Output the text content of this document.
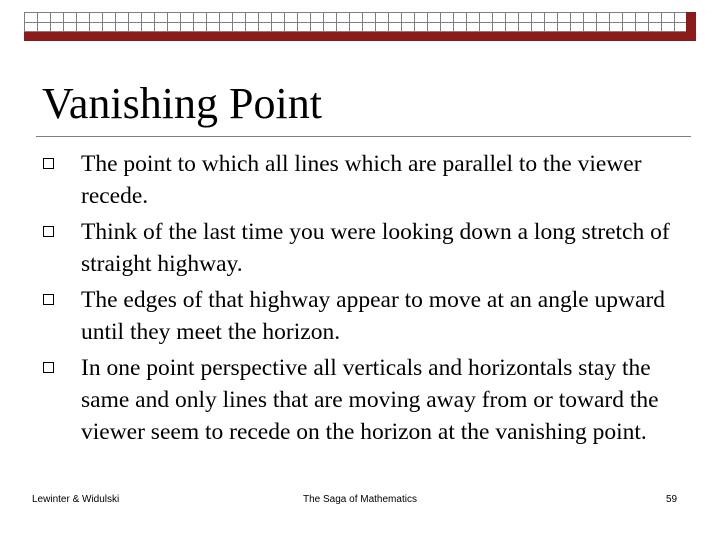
Vanishing Point
The point to which all lines which are parallel to the viewer recede.
Think of the last time you were looking down a long stretch of straight highway.
The edges of that highway appear to move at an angle upward until they meet the horizon.
In one point perspective all verticals and horizontals stay the same and only lines that are moving away from or toward the viewer seem to recede on the horizon at the vanishing point.
Lewinter & Widulski	The Saga of Mathematics	59
